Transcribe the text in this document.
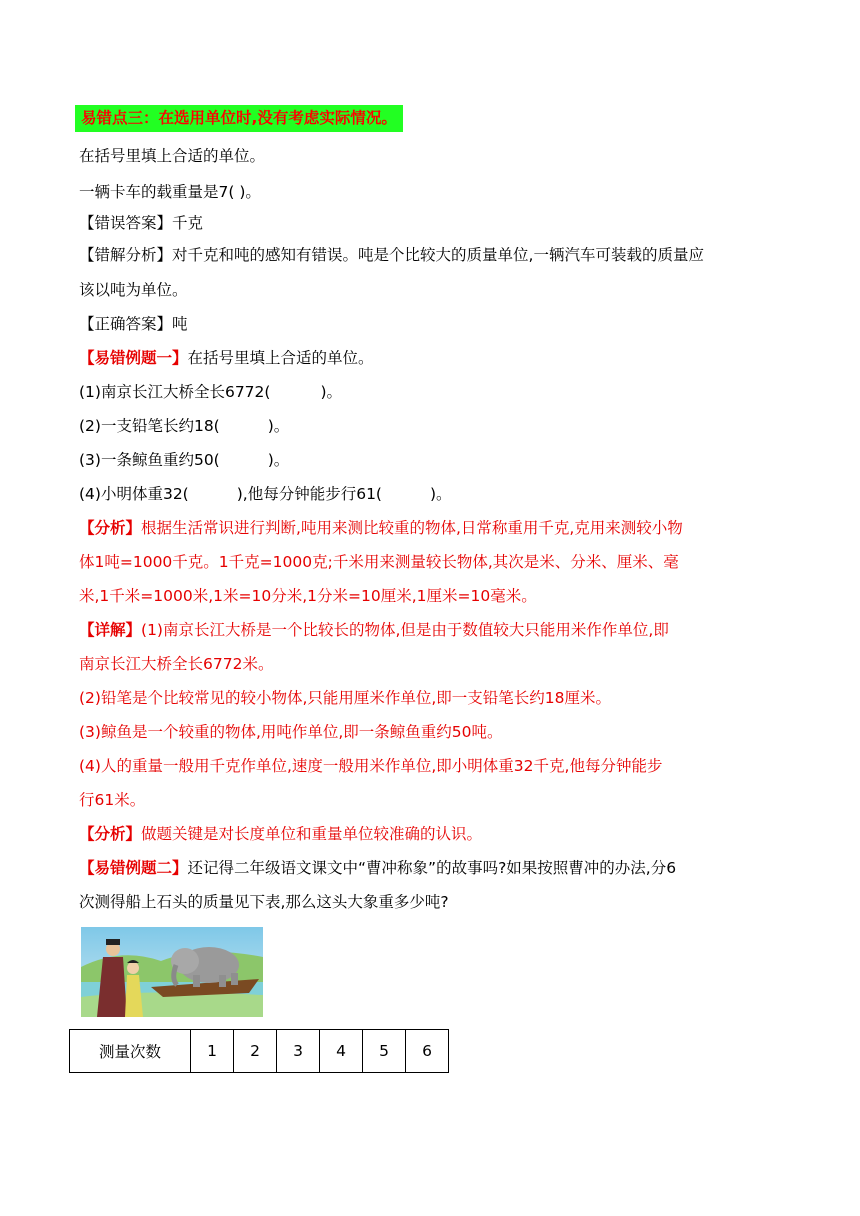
易错点三：在选用单位时,没有考虑实际情况。
在括号里填上合适的单位。
一辆卡车的载重量是7( )。
【错误答案】千克
【错解分析】对千克和吨的感知有错误。吨是个比较大的质量单位,一辆汽车可装载的质量应
该以吨为单位。
【正确答案】吨
【易错例题一】在括号里填上合适的单位。
(1)南京长江大桥全长6772(	)。
(2)一支铅笔长约18(	)。
(3)一条鲸鱼重约50(	)。
(4)小明体重32(	),他每分钟能步行61(	)。
【分析】根据生活常识进行判断,吨用来测比较重的物体,日常称重用千克,克用来测较小物
体1吨=1000千克。1千克=1000克;千米用来测量较长物体,其次是米、分米、厘米、毫
米,1千米=1000米,1米=10分米,1分米=10厘米,1厘米=10毫米。
【详解】(1)南京长江大桥是一个比较长的物体,但是由于数值较大只能用米作作单位,即
南京长江大桥全长6772米。
(2)铅笔是个比较常见的较小物体,只能用厘米作单位,即一支铅笔长约18厘米。
(3)鲸鱼是一个较重的物体,用吨作单位,即一条鲸鱼重约50吨。
(4)人的重量一般用千克作单位,速度一般用米作单位,即小明体重32千克,他每分钟能步
行61米。
【分析】做题关键是对长度单位和重量单位较准确的认识。
【易错例题二】还记得二年级语文课文中“曹冲称象”的故事吗?如果按照曹冲的办法,分6
次测得船上石头的质量见下表,那么这头大象重多少吨?
测量次数	1	2	3	4	5	6
